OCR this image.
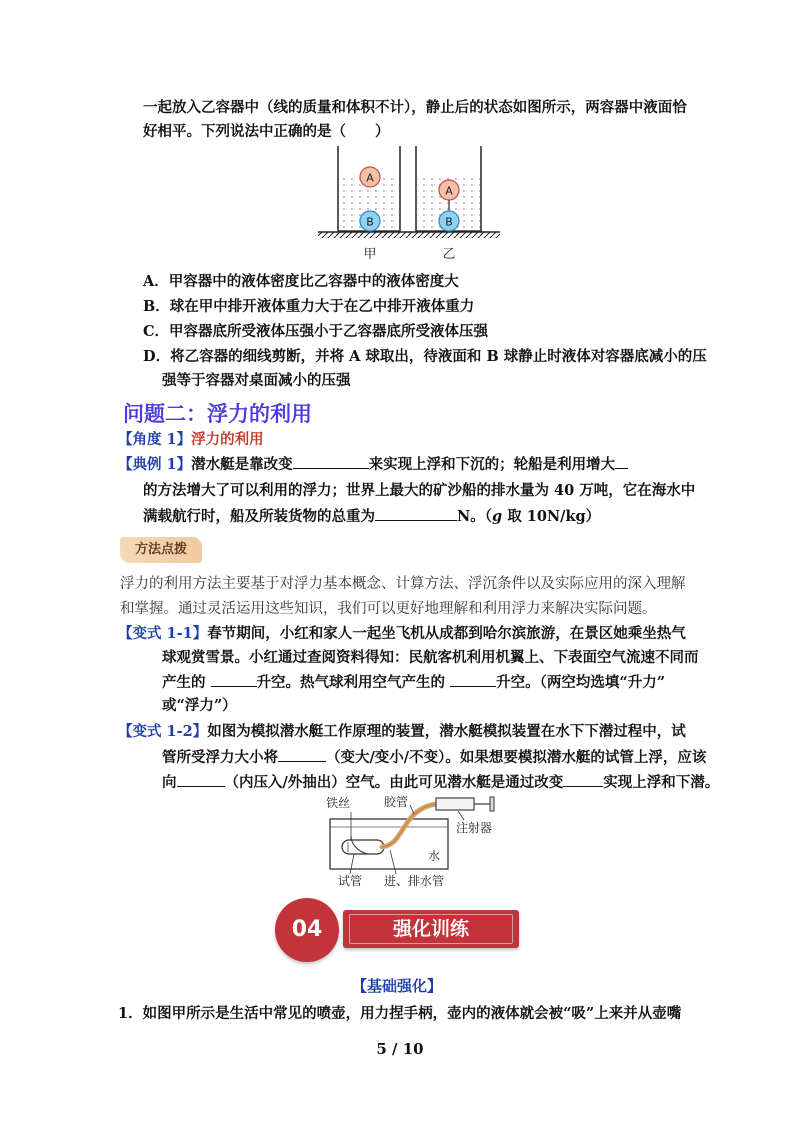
一起放入乙容器中（线的质量和体积不计），静止后的状态如图所示，两容器中液面恰
好相平。下列说法中正确的是（　　）
A
B
A
B
甲	乙
A．甲容器中的液体密度比乙容器中的液体密度大
B．球在甲中排开液体重力大于在乙中排开液体重力
C．甲容器底所受液体压强小于乙容器底所受液体压强
D．将乙容器的细线剪断，并将 A 球取出，待液面和 B 球静止时液体对容器底减小的压
强等于容器对桌面减小的压强
问题二：浮力的利用
【角度 1】浮力的利用
【典例 1】潜水艇是靠改变	来实现上浮和下沉的；轮船是利用增大
的方法增大了可以利用的浮力；世界上最大的矿沙船的排水量为 40 万吨，它在海水中
满载航行时，船及所装货物的总重为	N。（g 取 10N/kg）
方法点拨
浮力的利用方法主要基于对浮力基本概念、计算方法、浮沉条件以及实际应用的深入理解
和掌握。通过灵活运用这些知识，我们可以更好地理解和利用浮力来解决实际问题。
【变式 1-1】春节期间，小红和家人一起坐飞机从成都到哈尔滨旅游，在景区她乘坐热气
球观赏雪景。小红通过查阅资料得知：民航客机利用机翼上、下表面空气流速不同而
产生的	升空。热气球利用空气产生的	升空。（两空均选填“升力”
或“浮力”）
【变式 1-2】如图为模拟潜水艇工作原理的装置，潜水艇模拟装置在水下下潜过程中，试
管所受浮力大小将	（变大/变小/不变）。如果想要模拟潜水艇的试管上浮，应该
向	（内压入/外抽出）空气。由此可见潜水艇是通过改变	实现上浮和下潜。
铁丝	胶管
注射器
水
试管 进、排水管
04	强化训练
【基础强化】
1．如图甲所示是生活中常见的喷壶，用力捏手柄，壶内的液体就会被“吸”上来并从壶嘴
5 / 10
